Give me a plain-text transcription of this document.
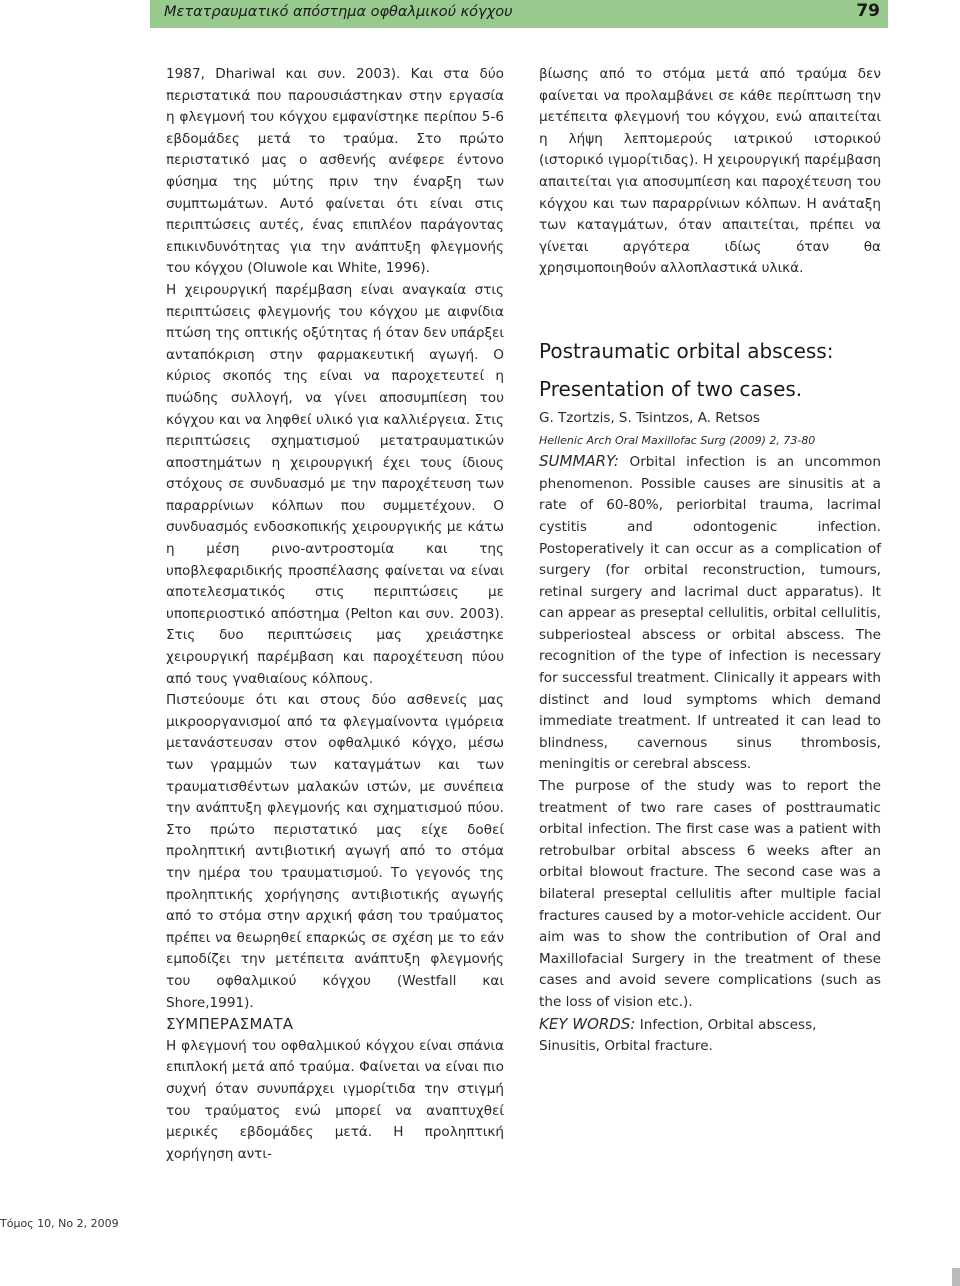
Μετατραυματικό απόστημα οφθαλμικού κόγχου	79

1987, Dhariwal και συν. 2003). Και στα δύο περιστατικά που παρουσιάστηκαν στην εργασία η φλεγμονή του κόγχου εμφανίστηκε περίπου 5-6 εβδομάδες μετά το τραύμα. Στο πρώτο περιστατικό μας ο ασθενής ανέφερε έντονο φύσημα της μύτης πριν την έναρξη των συμπτωμάτων. Αυτό φαίνεται ότι είναι στις περιπτώσεις αυτές, ένας επιπλέον παράγοντας επικινδυνότητας για την ανάπτυξη φλεγμονής του κόγχου (Oluwole και White, 1996).

Η χειρουργική παρέμβαση είναι αναγκαία στις περιπτώσεις φλεγμονής του κόγχου με αιφνίδια πτώση της οπτικής οξύτητας ή όταν δεν υπάρξει ανταπόκριση στην φαρμακευτική αγωγή. Ο κύριος σκοπός της είναι να παροχετευτεί η πυώδης συλλογή, να γίνει αποσυμπίεση του κόγχου και να ληφθεί υλικό για καλλιέργεια. Στις περιπτώσεις σχηματισμού μετατραυματικών αποστημάτων η χειρουργική έχει τους ίδιους στόχους σε συνδυασμό με την παροχέτευση των παραρρίνιων κόλπων που συμμετέχουν. Ο συνδυασμός ενδοσκοπικής χειρουργικής με κάτω η μέση ρινο-αντροστομία και της υποβλεφαριδικής προσπέλασης φαίνεται να είναι αποτελεσματικός στις περιπτώσεις με υποπεριοστικό απόστημα (Pelton και συν. 2003). Στις δυο περιπτώσεις μας χρειάστηκε χειρουργική παρέμβαση και παροχέτευση πύου από τους γναθιαίους κόλπους.

Πιστεύουμε ότι και στους δύο ασθενείς μας μικροοργανισμοί από τα φλεγμαίνοντα ιγμόρεια μετανάστευσαν στον οφθαλμικό κόγχο, μέσω των γραμμών των καταγμάτων και των τραυματισθέντων μαλακών ιστών, με συνέπεια την ανάπτυξη φλεγμονής και σχηματισμού πύου. Στο πρώτο περιστατικό μας είχε δοθεί προληπτική αντιβιοτική αγωγή από το στόμα την ημέρα του τραυματισμού. Το γεγονός της προληπτικής χορήγησης αντιβιοτικής αγωγής από το στόμα στην αρχική φάση του τραύματος πρέπει να θεωρηθεί επαρκώς σε σχέση με το εάν εμποδίζει την μετέπειτα ανάπτυξη φλεγμονής του οφθαλμικού κόγχου (Westfall και Shore,1991).

ΣΥΜΠΕΡΑΣΜΑΤΑ

Η φλεγμονή του οφθαλμικού κόγχου είναι σπάνια επιπλοκή μετά από τραύμα. Φαίνεται να είναι πιο συχνή όταν συνυπάρχει ιγμορίτιδα την στιγμή του τραύματος ενώ μπορεί να αναπτυχθεί μερικές εβδομάδες μετά. Η προληπτική χορήγηση αντι-

βίωσης από το στόμα μετά από τραύμα δεν φαίνεται να προλαμβάνει σε κάθε περίπτωση την μετέπειτα φλεγμονή του κόγχου, ενώ απαιτείται η λήψη λεπτομερούς ιατρικού ιστορικού (ιστορικό ιγμορίτιδας). Η χειρουργική παρέμβαση απαιτείται για αποσυμπίεση και παροχέτευση του κόγχου και των παραρρίνιων κόλπων. Η ανάταξη των καταγμάτων, όταν απαιτείται, πρέπει να γίνεται αργότερα ιδίως όταν θα χρησιμοποιηθούν αλλοπλαστικά υλικά.

Postraumatic orbital abscess:
Presentation of two cases.

G. Tzortzis, S. Tsintzos, A. Retsos

Hellenic Arch Oral Maxillofac Surg (2009) 2, 73-80

SUMMARY: Orbital infection is an uncommon phenomenon. Possible causes are sinusitis at a rate of 60-80%, periorbital trauma, lacrimal cystitis and odontogenic infection. Postoperatively it can occur as a complication of surgery (for orbital reconstruction, tumours, retinal surgery and lacrimal duct apparatus). It can appear as preseptal cellulitis, orbital cellulitis, subperiosteal abscess or orbital abscess. The recognition of the type of infection is necessary for successful treatment. Clinically it appears with distinct and loud symptoms which demand immediate treatment. If untreated it can lead to blindness, cavernous sinus thrombosis, meningitis or cerebral abscess.

The purpose of the study was to report the treatment of two rare cases of posttraumatic orbital infection. The first case was a patient with retrobulbar orbital abscess 6 weeks after an orbital blowout fracture. The second case was a bilateral preseptal cellulitis after multiple facial fractures caused by a motor-vehicle accident. Our aim was to show the contribution of Oral and Maxillofacial Surgery in the treatment of these cases and avoid severe complications (such as the loss of vision etc.).

KEY WORDS: Infection, Orbital abscess, Sinusitis, Orbital fracture.

Τόμος 10, Νο 2, 2009
